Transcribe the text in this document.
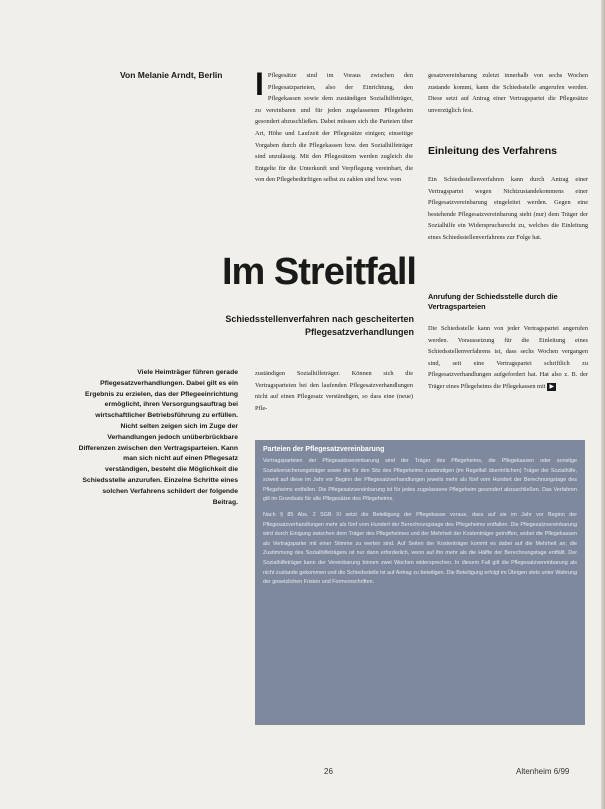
Von Melanie Arndt, Berlin	I Pflegesätze sind im Voraus zwischen den Pflegesatzparteien, also der Einrichtung, den Pflegekassen sowie dem zuständigen Sozialhilfeträger, zu vereinbaren und für jeden zugelassenen Pflegeheim gesondert abzuschließen. Dabei müssen sich die Parteien über Art, Höhe und Laufzeit der Pflegesätze einigen; einseitige Vorgaben durch die Pflegekassen bzw. den Sozialhilfeträger sind unzulässig. Mit den Pflegesätzen werden zugleich die Entgelte für die Unterkunft und Verpflegung vereinbart, die von den Pflegebedürftigen selbst zu zahlen sind bzw. vom
gesatzvereinbarung zuletzt innerhalb von sechs Wochen zustande kommt, kann die Schiedsstelle angerufen werden. Diese setzt auf Antrag einer Vertragspartei die Pflegesätze unverzüglich fest.
Einleitung des Verfahrens
Ein Schiedsstellenverfahren kann durch Antrag einer Vertragspartei wegen Nichtzustandekommens einer Pflegesatzvereinbarung eingeleitet werden. Gegen eine bestehende Pflegesatzvereinbarung steht (nur) dem Träger der Sozialhilfe ein Widerspruchsrecht zu, welches die Einleitung eines Schiedsstellenverfahrens zur Folge hat.
Anrufung der Schiedsstelle durch die Vertragsparteien
Die Schiedsstelle kann von jeder Vertragspartei angerufen werden. Voraussetzung für die Einleitung eines Schiedsstellenverfahrens ist, dass sechs Wochen vergangen sind, seit eine Vertragspartei schriftlich zu Pflegesatzverhandlungen aufgefordert hat. Hat also z. B. der Träger eines Pflegeheims die Pflegekassen mit ▶
Im Streitfall
Schiedsstellenverfahren nach gescheiterten Pflegesatzverhandlungen
Viele Heimträger führen gerade Pflegesatzverhandlungen. Dabei gilt es ein Ergebnis zu erzielen, das der Pflegeeinrichtung ermöglicht, ihren Versorgungsauftrag bei wirtschaftlicher Betriebsführung zu erfüllen. Nicht selten zeigen sich im Zuge der Verhandlungen jedoch unüberbrückbare Differenzen zwischen den Vertragsparteien. Kann man sich nicht auf einen Pflegesatz verständigen, besteht die Möglichkeit die Schiedsstelle anzurufen. Einzelne Schritte eines solchen Verfahrens schildert der folgende Beitrag.
zuständigen Sozialhilfeträger. Können sich die Vertragsparteien bei den laufenden Pflegesatzverhandlungen nicht auf einen Pflegesatz verständigen, so dass eine (neue) Pfle-
Parteien der Pflegesatzvereinbarung

Vertragsparteien der Pflegesatzvereinbarung sind der Träger des Pflegeheims, die Pflegekassen oder sonstige Sozialversicherungsträger sowie die für den Sitz des Pflegeheims zuständigen (im Regelfall überörtlichen) Träger der Sozialhilfe, soweit auf diese im Jahr vor Beginn der Pflegesatzverhandlungen jeweils mehr als fünf vom Hundert der Berechnungstage des Pflegeheims entfallen. Die Pflegesatzvereinbarung ist für jedes zugelassene Pflegeheim gesondert abzuschließen. Das Verfahren gilt im Grundsatz für alle Pflegesätze des Pflegeheims.

Nach § 85 Abs. 2 SGB XI setzt die Beteiligung der Pflegekasse voraus, dass auf sie im Jahr vor Beginn der Pflegesatzverhandlungen mehr als fünf vom Hundert der Berechnungstage des Pflegeheims entfallen. Die Pflegesatzvereinbarung wird durch Einigung zwischen dem Träger des Pflegeheimes und der Mehrheit der Kostenträger getroffen, wobei die Pflegekassen als Vertragspartei mit einer Stimme zu werten sind. Auf Seiten der Kostenträger kommt es dabei auf die Mehrheit an; die Zustimmung des Sozialhilfeträgers ist nur dann erforderlich, wenn auf ihn mehr als die Hälfte der Berechnungstage entfällt. Der Sozialhilfeträger kann der Vereinbarung binnen zwei Wochen widersprechen. In diesem Fall gilt die Pflegesatzvereinbarung als nicht zustande gekommen und die Schiedsstelle ist auf Antrag zu beteiligen. Die Beteiligung erfolgt im Übrigen stets unter Wahrung der gesetzlichen Fristen und Formvorschriften.

26	Altenheim 6/99
